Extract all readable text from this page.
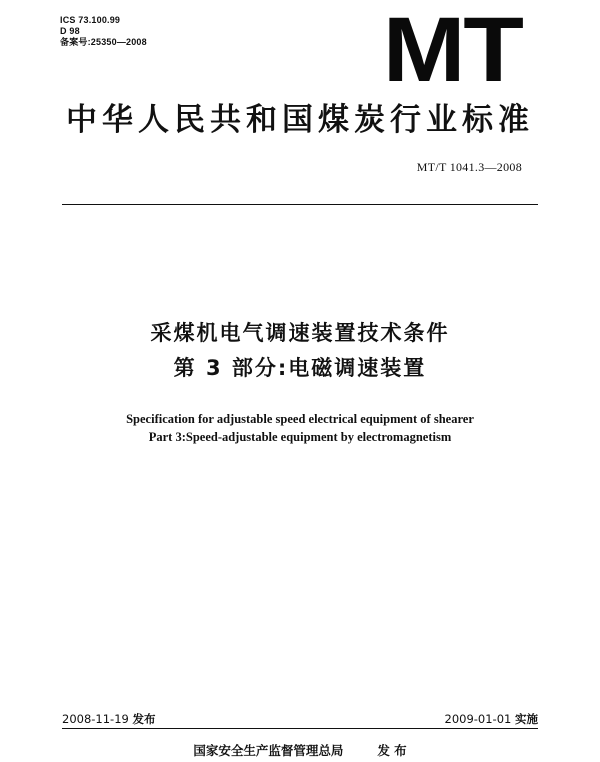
ICS 73.100.99
D 98
备案号:25350—2008	MT
中华人民共和国煤炭行业标准
MT/T 1041.3—2008
采煤机电气调速装置技术条件
第 3 部分:电磁调速装置
Specification for adjustable speed electrical equipment of shearer
Part 3:Speed-adjustable equipment by electromagnetism
2008-11-19 发布	2009-01-01 实施
国家安全生产监督管理总局	发 布
